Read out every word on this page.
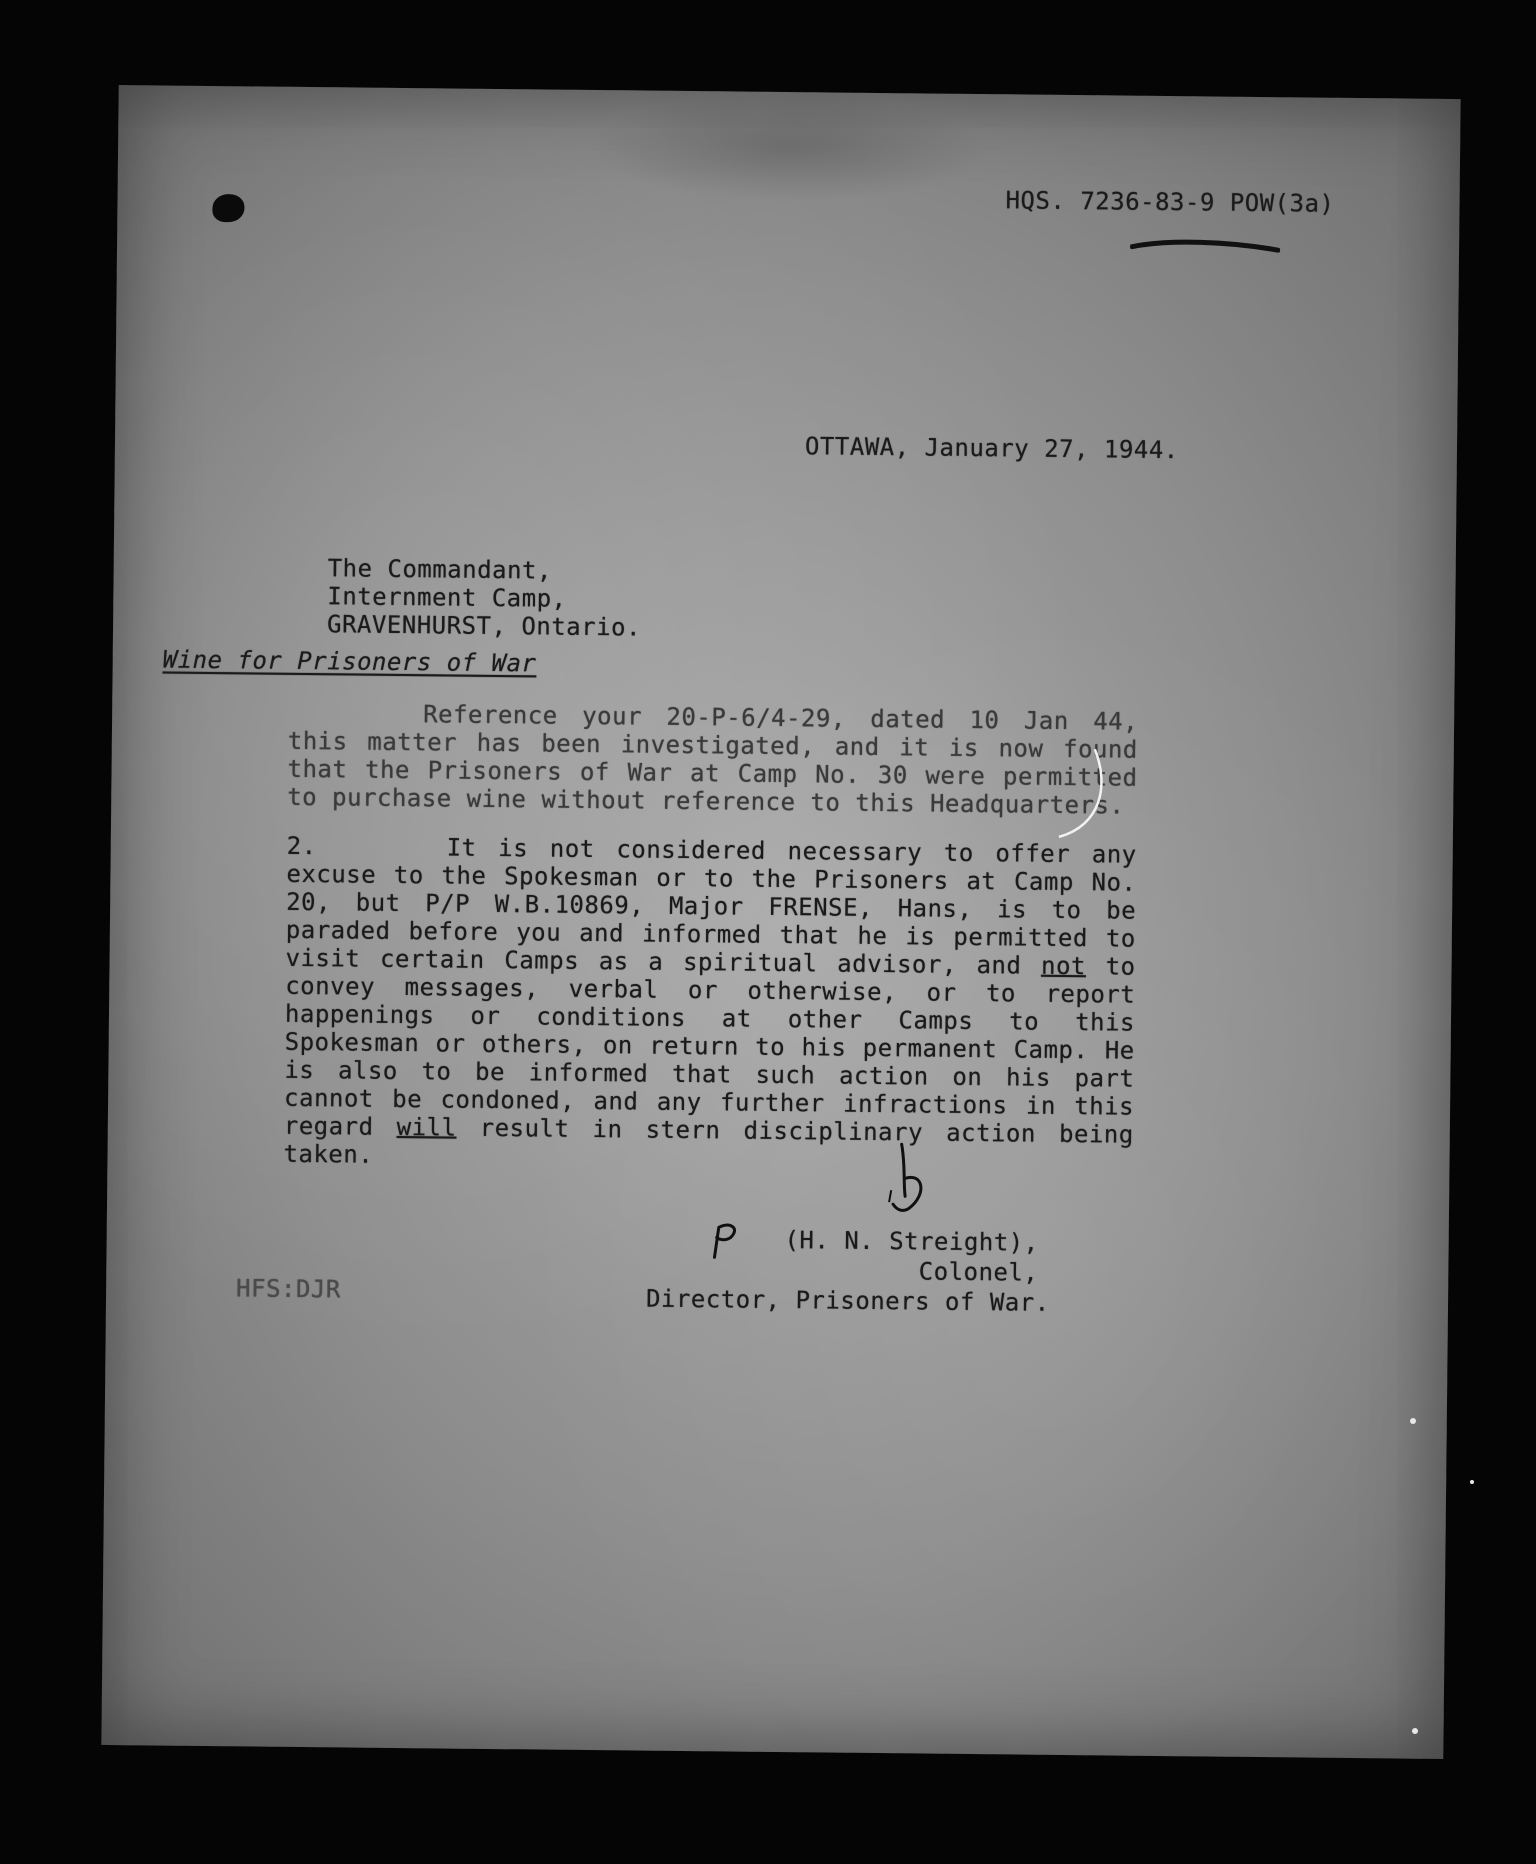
HQS. 7236-83-9 POW(3a)
OTTAWA, January 27, 1944.
The Commandant,
Internment Camp,
GRAVENHURST, Ontario.
Wine for Prisoners of War
Reference your 20-P-6/4-29, dated 10 Jan 44, this matter has been investigated, and it is now found that the Prisoners of War at Camp No. 30 were permitted to purchase wine without reference to this Headquarters.
2.	It is not considered necessary to offer any excuse to the Spokesman or to the Prisoners at Camp No. 20, but P/P W.B.10869, Major FRENSE, Hans, is to be paraded before you and informed that he is permitted to visit certain Camps as a spiritual advisor, and not to convey messages, verbal or otherwise, or to report happenings or conditions at other Camps to this Spokesman or others, on return to his permanent Camp. He is also to be informed that such action on his part cannot be condoned, and any further infractions in this regard will result in stern disciplinary action being taken.
(H. N. Streight),
Colonel,
Director, Prisoners of War.
HFS:DJR
